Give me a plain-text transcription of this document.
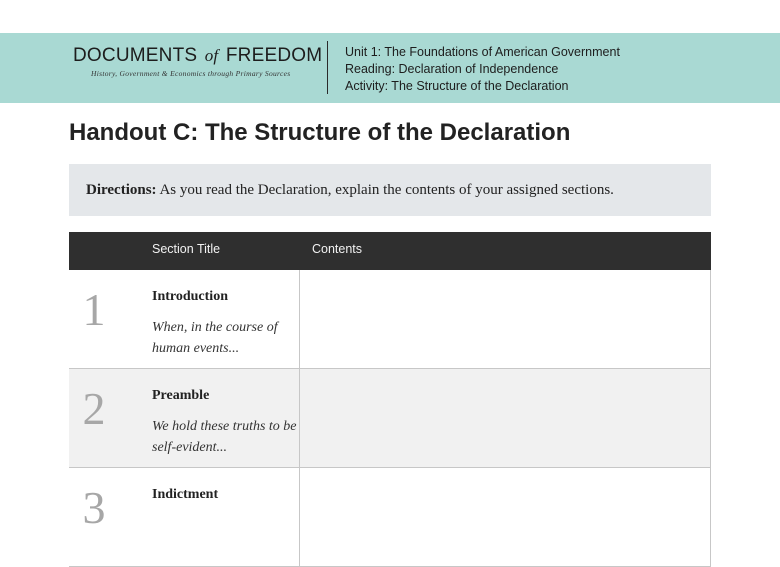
DOCUMENTS of FREEDOM
History, Government & Economics through Primary Sources
Unit 1: The Foundations of American Government
Reading: Declaration of Independence
Activity: The Structure of the Declaration
Handout C: The Structure of the Declaration

Directions: As you read the Declaration, explain the contents of your assigned sections.

Section Title	Contents
1	Introduction
When, in the course of human events...
2	Preamble
We hold these truths to be self-evident...
3	Indictment
